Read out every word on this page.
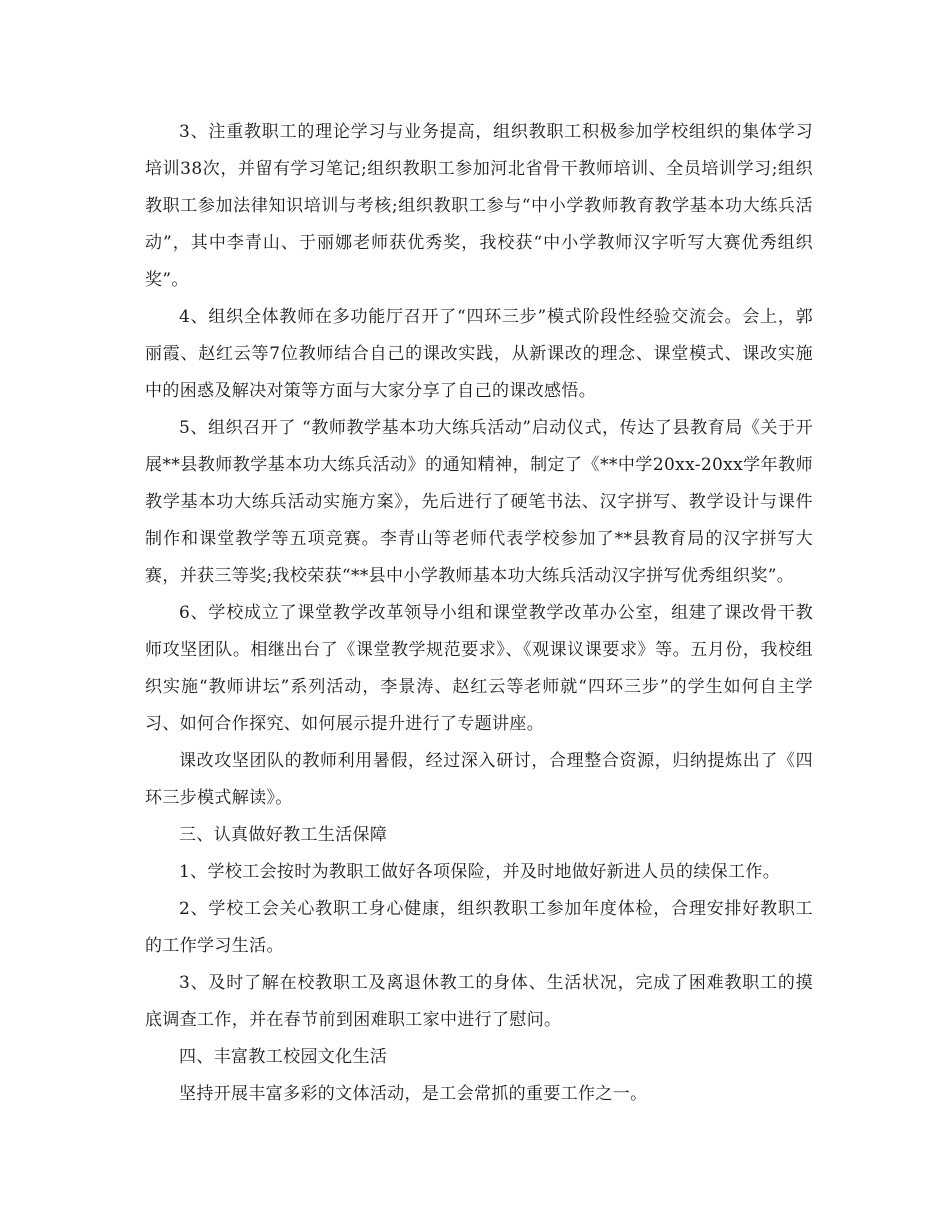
3、注重教职工的理论学习与业务提高，组织教职工积极参加学校组织的集体学习培训38次，并留有学习笔记;组织教职工参加河北省骨干教师培训、全员培训学习;组织教职工参加法律知识培训与考核;组织教职工参与“中小学教师教育教学基本功大练兵活动”，其中李青山、于丽娜老师获优秀奖，我校获“中小学教师汉字听写大赛优秀组织奖”。

4、组织全体教师在多功能厅召开了“四环三步”模式阶段性经验交流会。会上，郭丽霞、赵红云等7位教师结合自己的课改实践，从新课改的理念、课堂模式、课改实施中的困惑及解决对策等方面与大家分享了自己的课改感悟。

5、组织召开了 “教师教学基本功大练兵活动”启动仪式，传达了县教育局《关于开展**县教师教学基本功大练兵活动》的通知精神，制定了《**中学20xx-20xx学年教师教学基本功大练兵活动实施方案》，先后进行了硬笔书法、汉字拼写、教学设计与课件制作和课堂教学等五项竞赛。李青山等老师代表学校参加了**县教育局的汉字拼写大赛，并获三等奖;我校荣获“**县中小学教师基本功大练兵活动汉字拼写优秀组织奖”。

6、学校成立了课堂教学改革领导小组和课堂教学改革办公室，组建了课改骨干教师攻坚团队。相继出台了《课堂教学规范要求》、《观课议课要求》等。五月份，我校组织实施“教师讲坛”系列活动，李景涛、赵红云等老师就“四环三步”的学生如何自主学习、如何合作探究、如何展示提升进行了专题讲座。

课改攻坚团队的教师利用暑假，经过深入研讨，合理整合资源，归纳提炼出了《四环三步模式解读》。

三、认真做好教工生活保障

1、学校工会按时为教职工做好各项保险，并及时地做好新进人员的续保工作。

2、学校工会关心教职工身心健康，组织教职工参加年度体检，合理安排好教职工的工作学习生活。

3、及时了解在校教职工及离退休教工的身体、生活状况，完成了困难教职工的摸底调查工作，并在春节前到困难职工家中进行了慰问。

四、丰富教工校园文化生活

坚持开展丰富多彩的文体活动，是工会常抓的重要工作之一。
